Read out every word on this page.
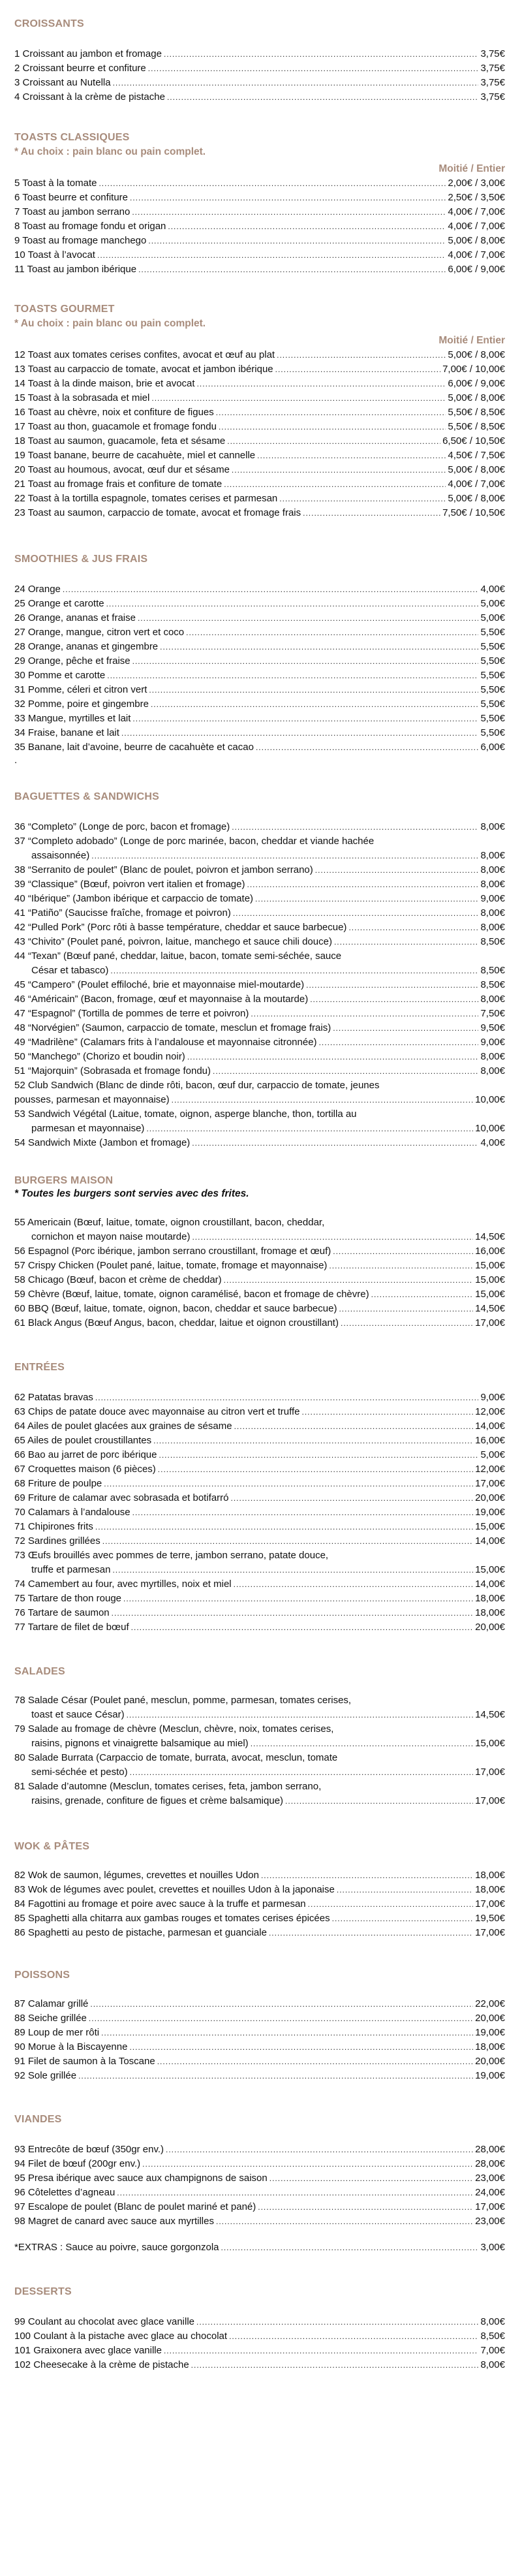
CROISSANTS
1 Croissant au jambon et fromage .....	3,75€
2 Croissant beurre et confiture .....	3,75€
3 Croissant au Nutella .....	3,75€
4 Croissant à la crème de pistache .....	3,75€
TOASTS CLASSIQUES
* Au choix : pain blanc ou pain complet.
Moitié / Entier
5 Toast à la tomate .....	2,00€ / 3,00€
6 Toast beurre et confiture .....	2,50€ / 3,50€
7 Toast au jambon serrano .....	4,00€ / 7,00€
8 Toast au fromage fondu et origan .....	4,00€ / 7,00€
9 Toast au fromage manchego .....	5,00€ / 8,00€
10 Toast à l’avocat .....	4,00€ / 7,00€
11 Toast au jambon ibérique .....	6,00€ / 9,00€
TOASTS GOURMET
* Au choix : pain blanc ou pain complet.
Moitié / Entier
12 Toast aux tomates cerises confites, avocat et œuf au plat .....	5,00€ / 8,00€
13 Toast au carpaccio de tomate, avocat et jambon ibérique .....	7,00€ / 10,00€
14 Toast à la dinde maison, brie et avocat .....	6,00€ / 9,00€
15 Toast à la sobrasada et miel .....	5,00€ / 8,00€
16 Toast au chèvre, noix et confiture de figues .....	5,50€ / 8,50€
17 Toast au thon, guacamole et fromage fondu .....	5,50€ / 8,50€
18 Toast au saumon, guacamole, feta et sésame .....	6,50€ / 10,50€
19 Toast banane, beurre de cacahuète, miel et cannelle .....	4,50€ / 7,50€
20 Toast au houmous, avocat, œuf dur et sésame .....	5,00€ / 8,00€
21 Toast au fromage frais et confiture de tomate .....	4,00€ / 7,00€
22 Toast à la tortilla espagnole, tomates cerises et parmesan .....	5,00€ / 8,00€
23 Toast au saumon, carpaccio de tomate, avocat et fromage frais .....	7,50€ / 10,50€
SMOOTHIES & JUS FRAIS
24 Orange .....	4,00€
25 Orange et carotte .....	5,00€
26 Orange, ananas et fraise .....	5,00€
27 Orange, mangue, citron vert et coco .....	5,50€
28 Orange, ananas et gingembre .....	5,50€
29 Orange, pêche et fraise .....	5,50€
30 Pomme et carotte .....	5,50€
31 Pomme, céleri et citron vert .....	5,50€
32 Pomme, poire et gingembre .....	5,50€
33 Mangue, myrtilles et lait .....	5,50€
34 Fraise, banane et lait .....	5,50€
35 Banane, lait d’avoine, beurre de cacahuète et cacao .....	6,00€
.
BAGUETTES & SANDWICHS
36 “Completo” (Longe de porc, bacon et fromage) .....	8,00€
37 “Completo adobado” (Longe de porc marinée, bacon, cheddar et viande hachée
assaisonnée) .....	8,00€
38 “Serranito de poulet” (Blanc de poulet, poivron et jambon serrano) .....	8,00€
39 “Classique” (Bœuf, poivron vert italien et fromage) .....	8,00€
40 “Ibérique” (Jambon ibérique et carpaccio de tomate) .....	9,00€
41 “Patiño” (Saucisse fraîche, fromage et poivron) .....	8,00€
42 “Pulled Pork” (Porc rôti à basse température, cheddar et sauce barbecue) .....	8,00€
43 “Chivito” (Poulet pané, poivron, laitue, manchego et sauce chili douce) .....	8,50€
44 “Texan” (Bœuf pané, cheddar, laitue, bacon, tomate semi-séchée, sauce
César et tabasco) .....	8,50€
45 “Campero” (Poulet effiloché, brie et mayonnaise miel-moutarde) .....	8,50€
46 “Américain” (Bacon, fromage, œuf et mayonnaise à la moutarde) .....	8,00€
47 “Espagnol” (Tortilla de pommes de terre et poivron) .....	7,50€
48 “Norvégien” (Saumon, carpaccio de tomate, mesclun et fromage frais) .....	9,50€
49 “Madrilène” (Calamars frits à l’andalouse et mayonnaise citronnée) .....	9,00€
50 “Manchego” (Chorizo et boudin noir) .....	8,00€
51 “Majorquin” (Sobrasada et fromage fondu) .....	8,00€
52 Club Sandwich (Blanc de dinde rôti, bacon, œuf dur, carpaccio de tomate, jeunes
pousses, parmesan et mayonnaise) .....	10,00€
53 Sandwich Végétal (Laitue, tomate, oignon, asperge blanche, thon, tortilla au
parmesan et mayonnaise) .....	10,00€
54 Sandwich Mixte (Jambon et fromage) .....	4,00€
BURGERS MAISON
* Toutes les burgers sont servies avec des frites.
55 Americain (Bœuf, laitue, tomate, oignon croustillant, bacon, cheddar,
cornichon et mayon naise moutarde) .....	14,50€
56 Espagnol (Porc ibérique, jambon serrano croustillant, fromage et œuf) .....	16,00€
57 Crispy Chicken (Poulet pané, laitue, tomate, fromage et mayonnaise) .....	15,00€
58 Chicago (Bœuf, bacon et crème de cheddar) .....	15,00€
59 Chèvre (Bœuf, laitue, tomate, oignon caramélisé, bacon et fromage de chèvre) .....	15,00€
60 BBQ (Bœuf, laitue, tomate, oignon, bacon, cheddar et sauce barbecue) .....	14,50€
61 Black Angus (Bœuf Angus, bacon, cheddar, laitue et oignon croustillant) .....	17,00€
ENTRÉES
62 Patatas bravas .....	9,00€
63 Chips de patate douce avec mayonnaise au citron vert et truffe .....	12,00€
64 Ailes de poulet glacées aux graines de sésame .....	14,00€
65 Ailes de poulet croustillantes .....	16,00€
66 Bao au jarret de porc ibérique .....	5,00€
67 Croquettes maison (6 pièces) .....	12,00€
68 Friture de poulpe .....	17,00€
69 Friture de calamar avec sobrasada et botifarró .....	20,00€
70 Calamars à l’andalouse .....	19,00€
71 Chipirones frits .....	15,00€
72 Sardines grillées .....	14,00€
73 Œufs brouillés avec pommes de terre, jambon serrano, patate douce,
truffe et parmesan .....	15,00€
74 Camembert au four, avec myrtilles, noix et miel .....	14,00€
75 Tartare de thon rouge .....	18,00€
76 Tartare de saumon .....	18,00€
77 Tartare de filet de bœuf .....	20,00€
SALADES
78 Salade César (Poulet pané, mesclun, pomme, parmesan, tomates cerises,
toast et sauce César) .....	14,50€
79 Salade au fromage de chèvre (Mesclun, chèvre, noix, tomates cerises,
raisins, pignons et vinaigrette balsamique au miel) .....	15,00€
80 Salade Burrata (Carpaccio de tomate, burrata, avocat, mesclun, tomate
semi-séchée et pesto) .....	17,00€
81 Salade d’automne (Mesclun, tomates cerises, feta, jambon serrano,
raisins, grenade, confiture de figues et crème balsamique) .....	17,00€
WOK & PÂTES
82 Wok de saumon, légumes, crevettes et nouilles Udon .....	18,00€
83 Wok de légumes avec poulet, crevettes et nouilles Udon à la japonaise .....	18,00€
84 Fagottini au fromage et poire avec sauce à la truffe et parmesan .....	17,00€
85 Spaghetti alla chitarra aux gambas rouges et tomates cerises épicées .....	19,50€
86 Spaghetti au pesto de pistache, parmesan et guanciale .....	17,00€
POISSONS
87 Calamar grillé .....	22,00€
88 Seiche grillée .....	20,00€
89 Loup de mer rôti .....	19,00€
90 Morue à la Biscayenne .....	18,00€
91 Filet de saumon à la Toscane .....	20,00€
92 Sole grillée .....	19,00€
VIANDES
93 Entrecôte de bœuf (350gr env.) .....	28,00€
94 Filet de bœuf (200gr env.) .....	28,00€
95 Presa ibérique avec sauce aux champignons de saison .....	23,00€
96 Côtelettes d’agneau .....	24,00€
97 Escalope de poulet (Blanc de poulet mariné et pané) .....	17,00€
98 Magret de canard avec sauce aux myrtilles .....	23,00€
*EXTRAS : Sauce au poivre, sauce gorgonzola .....	3,00€
DESSERTS
99 Coulant au chocolat avec glace vanille .....	8,00€
100 Coulant à la pistache avec glace au chocolat .....	8,50€
101 Graixonera avec glace vanille .....	7,00€
102 Cheesecake à la crème de pistache .....	8,00€
